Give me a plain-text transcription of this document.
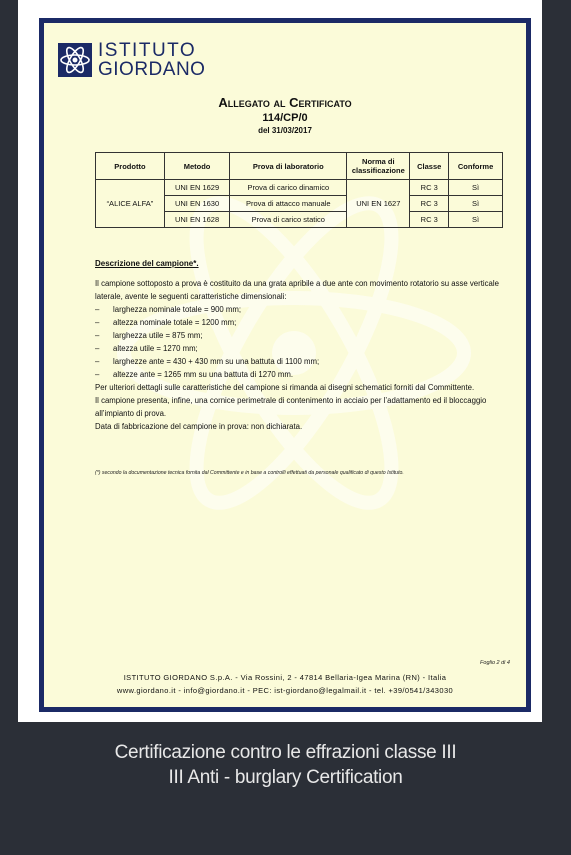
ISTITUTO
GIORDANO
Allegato al Certificato
114/CP/0
del 31/03/2017
Prodotto	Metodo	Prova di laboratorio	Norma di classificazione	Classe	Conforme
“ALICE ALFA”	UNI EN 1629	Prova di carico dinamico	UNI EN 1627	RC 3	Sì
	UNI EN 1630	Prova di attacco manuale		RC 3	Sì
	UNI EN 1628	Prova di carico statico		RC 3	Sì
Descrizione del campione*.
Il campione sottoposto a prova è costituito da una grata apribile a due ante con movimento rotatorio su asse verticale laterale, avente le seguenti caratteristiche dimensionali:
– larghezza nominale totale = 900 mm;
– altezza nominale totale = 1200 mm;
– larghezza utile = 875 mm;
– altezza utile = 1270 mm;
– larghezze ante = 430 + 430 mm su una battuta di 1100 mm;
– altezze ante = 1265 mm su una battuta di 1270 mm.
Per ulteriori dettagli sulle caratteristiche del campione si rimanda ai disegni schematici forniti dal Committente.
Il campione presenta, infine, una cornice perimetrale di contenimento in acciaio per l’adattamento ed il bloccaggio all’impianto di prova.
Data di fabbricazione del campione in prova: non dichiarata.
(*) secondo la documentazione tecnica fornita dal Committente e in base a controlli effettuati da personale qualificato di questo Istituto.
Foglio 2 di 4
ISTITUTO GIORDANO S.p.A. - Via Rossini, 2 - 47814 Bellaria-Igea Marina (RN) - Italia
www.giordano.it - info@giordano.it - PEC: ist-giordano@legalmail.it - tel. +39/0541/343030
Certificazione contro le effrazioni classe III
III Anti - burglary Certification
